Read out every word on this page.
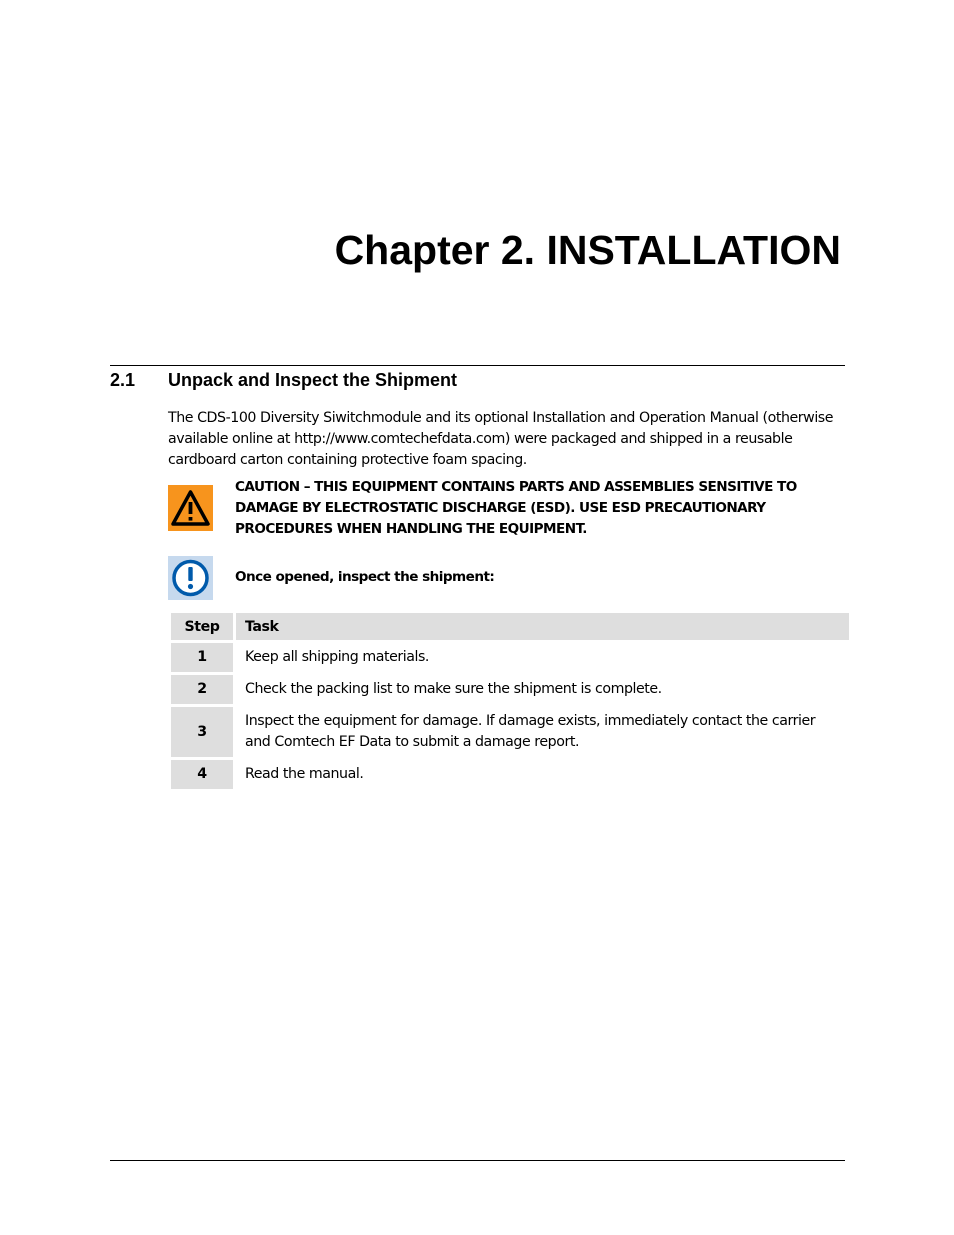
Chapter 2. INSTALLATION
2.1 Unpack and Inspect the Shipment

The CDS-100 Diversity Siwitchmodule and its optional Installation and Operation Manual (otherwise available online at http://www.comtechefdata.com) were packaged and shipped in a reusable cardboard carton containing protective foam spacing.

CAUTION – THIS EQUIPMENT CONTAINS PARTS AND ASSEMBLIES SENSITIVE TO DAMAGE BY ELECTROSTATIC DISCHARGE (ESD). USE ESD PRECAUTIONARY PROCEDURES WHEN HANDLING THE EQUIPMENT.

Once opened, inspect the shipment:

Step	Task
1	Keep all shipping materials.
2	Check the packing list to make sure the shipment is complete.
3	Inspect the equipment for damage. If damage exists, immediately contact the carrier and Comtech EF Data to submit a damage report.
4	Read the manual.
